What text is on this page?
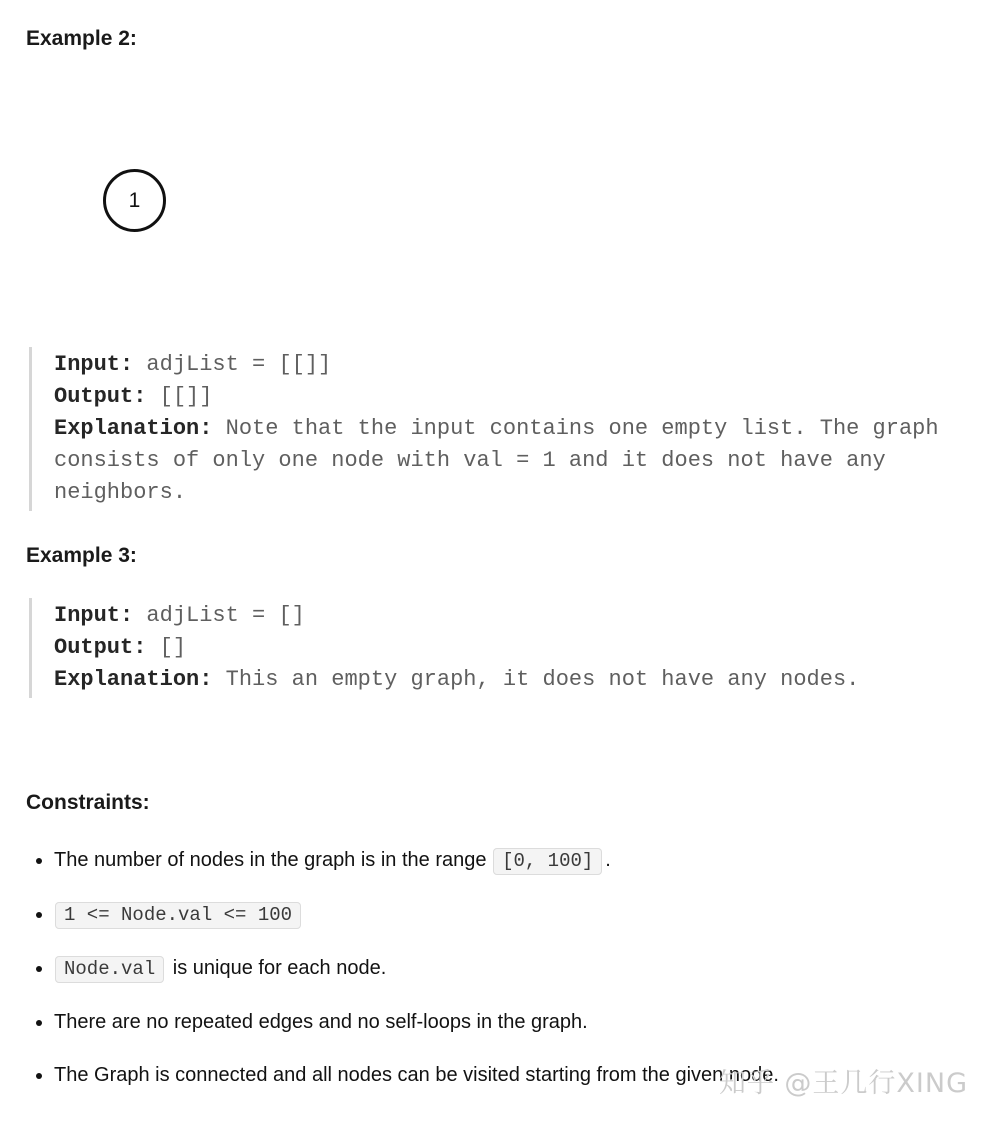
Example 2:
1
Input: adjList = [[]]
Output: [[]]
Explanation: Note that the input contains one empty list. The graph consists of only one node with val = 1 and it does not have any neighbors.
Example 3:
Input: adjList = []
Output: []
Explanation: This an empty graph, it does not have any nodes.
Constraints:
• The number of nodes in the graph is in the range [0, 100] .
• 1 <= Node.val <= 100
• Node.val is unique for each node.
• There are no repeated edges and no self-loops in the graph.
• The Graph is connected and all nodes can be visited starting from the given node.
知乎 @王几行XING
